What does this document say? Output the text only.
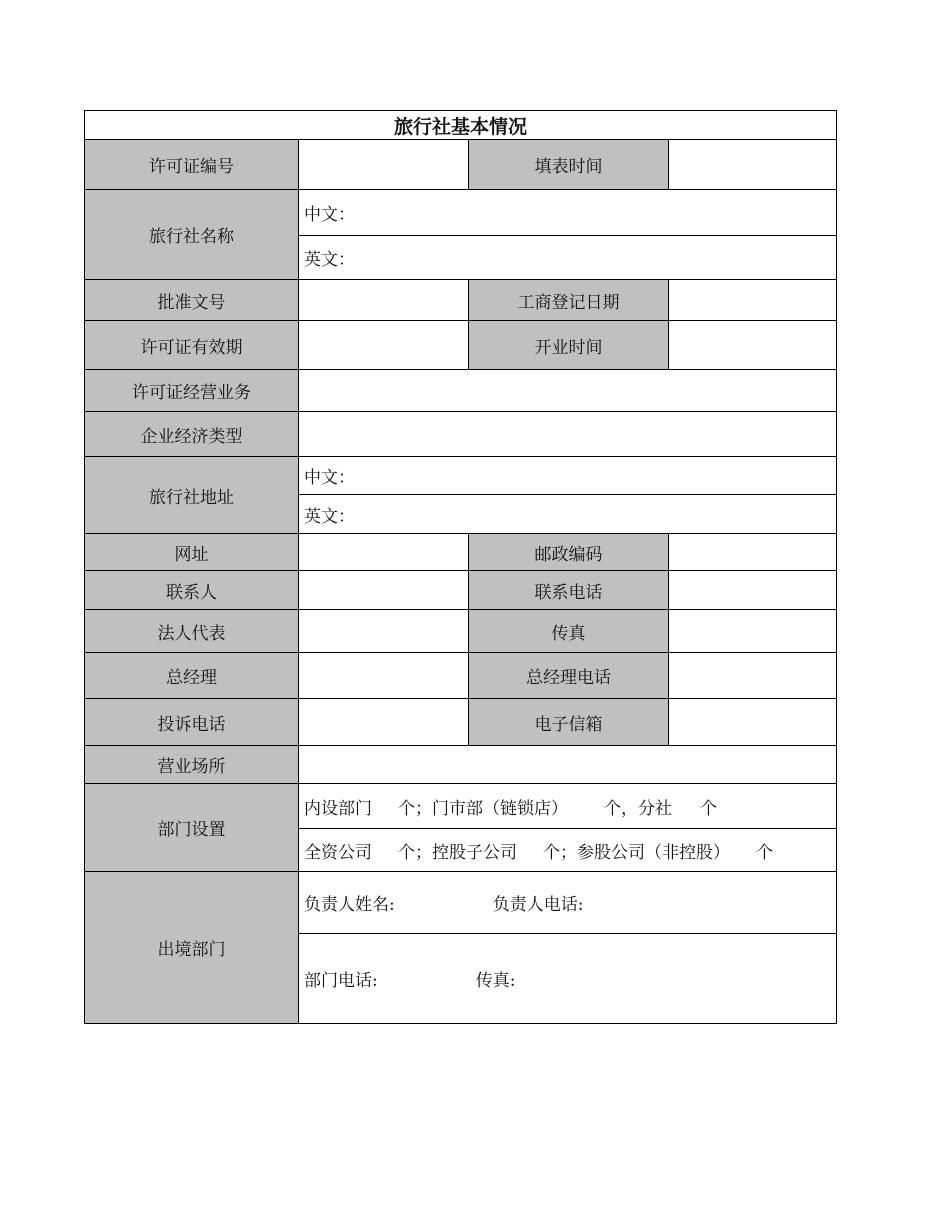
旅行社基本情况			
许可证编号		填表时间	
旅行社名称	中文：		
	英文：		
批准文号		工商登记日期	
许可证有效期		开业时间	
许可证经营业务			
企业经济类型			
旅行社地址	中文：		
	英文：		
网址		邮政编码	
联系人		联系电话	
法人代表		传真	
总经理		总经理电话	
投诉电话		电子信箱	
营业场所			
部门设置	内设部门 个；门市部（链锁店） 个，分社 个		
	全资公司 个；控股子公司 个；参股公司（非控股） 个		
出境部门	负责人姓名: 负责人电话:		
	部门电话: 传真:		
